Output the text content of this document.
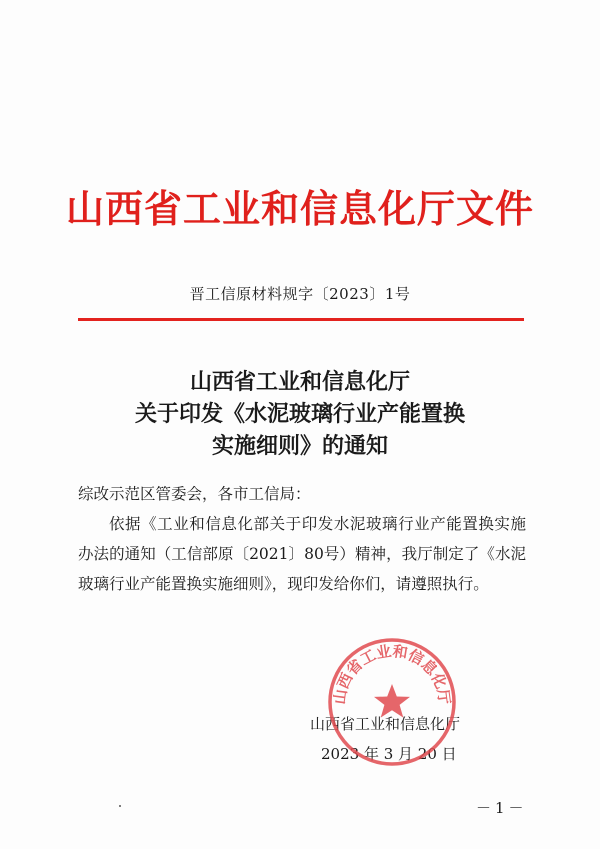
山西省工业和信息化厅文件
晋工信原材料规字〔2023〕1号
山西省工业和信息化厅
关于印发《水泥玻璃行业产能置换
实施细则》的通知
综改示范区管委会，各市工信局：
依据《工业和信息化部关于印发水泥玻璃行业产能置换实施办法的通知（工信部原〔2021〕80号）精神，我厅制定了《水泥玻璃行业产能置换实施细则》，现印发给你们，请遵照执行。
山西省工业和信息化厅
2023 年 3 月 20 日
山西省工业和信息化厅
－1－
